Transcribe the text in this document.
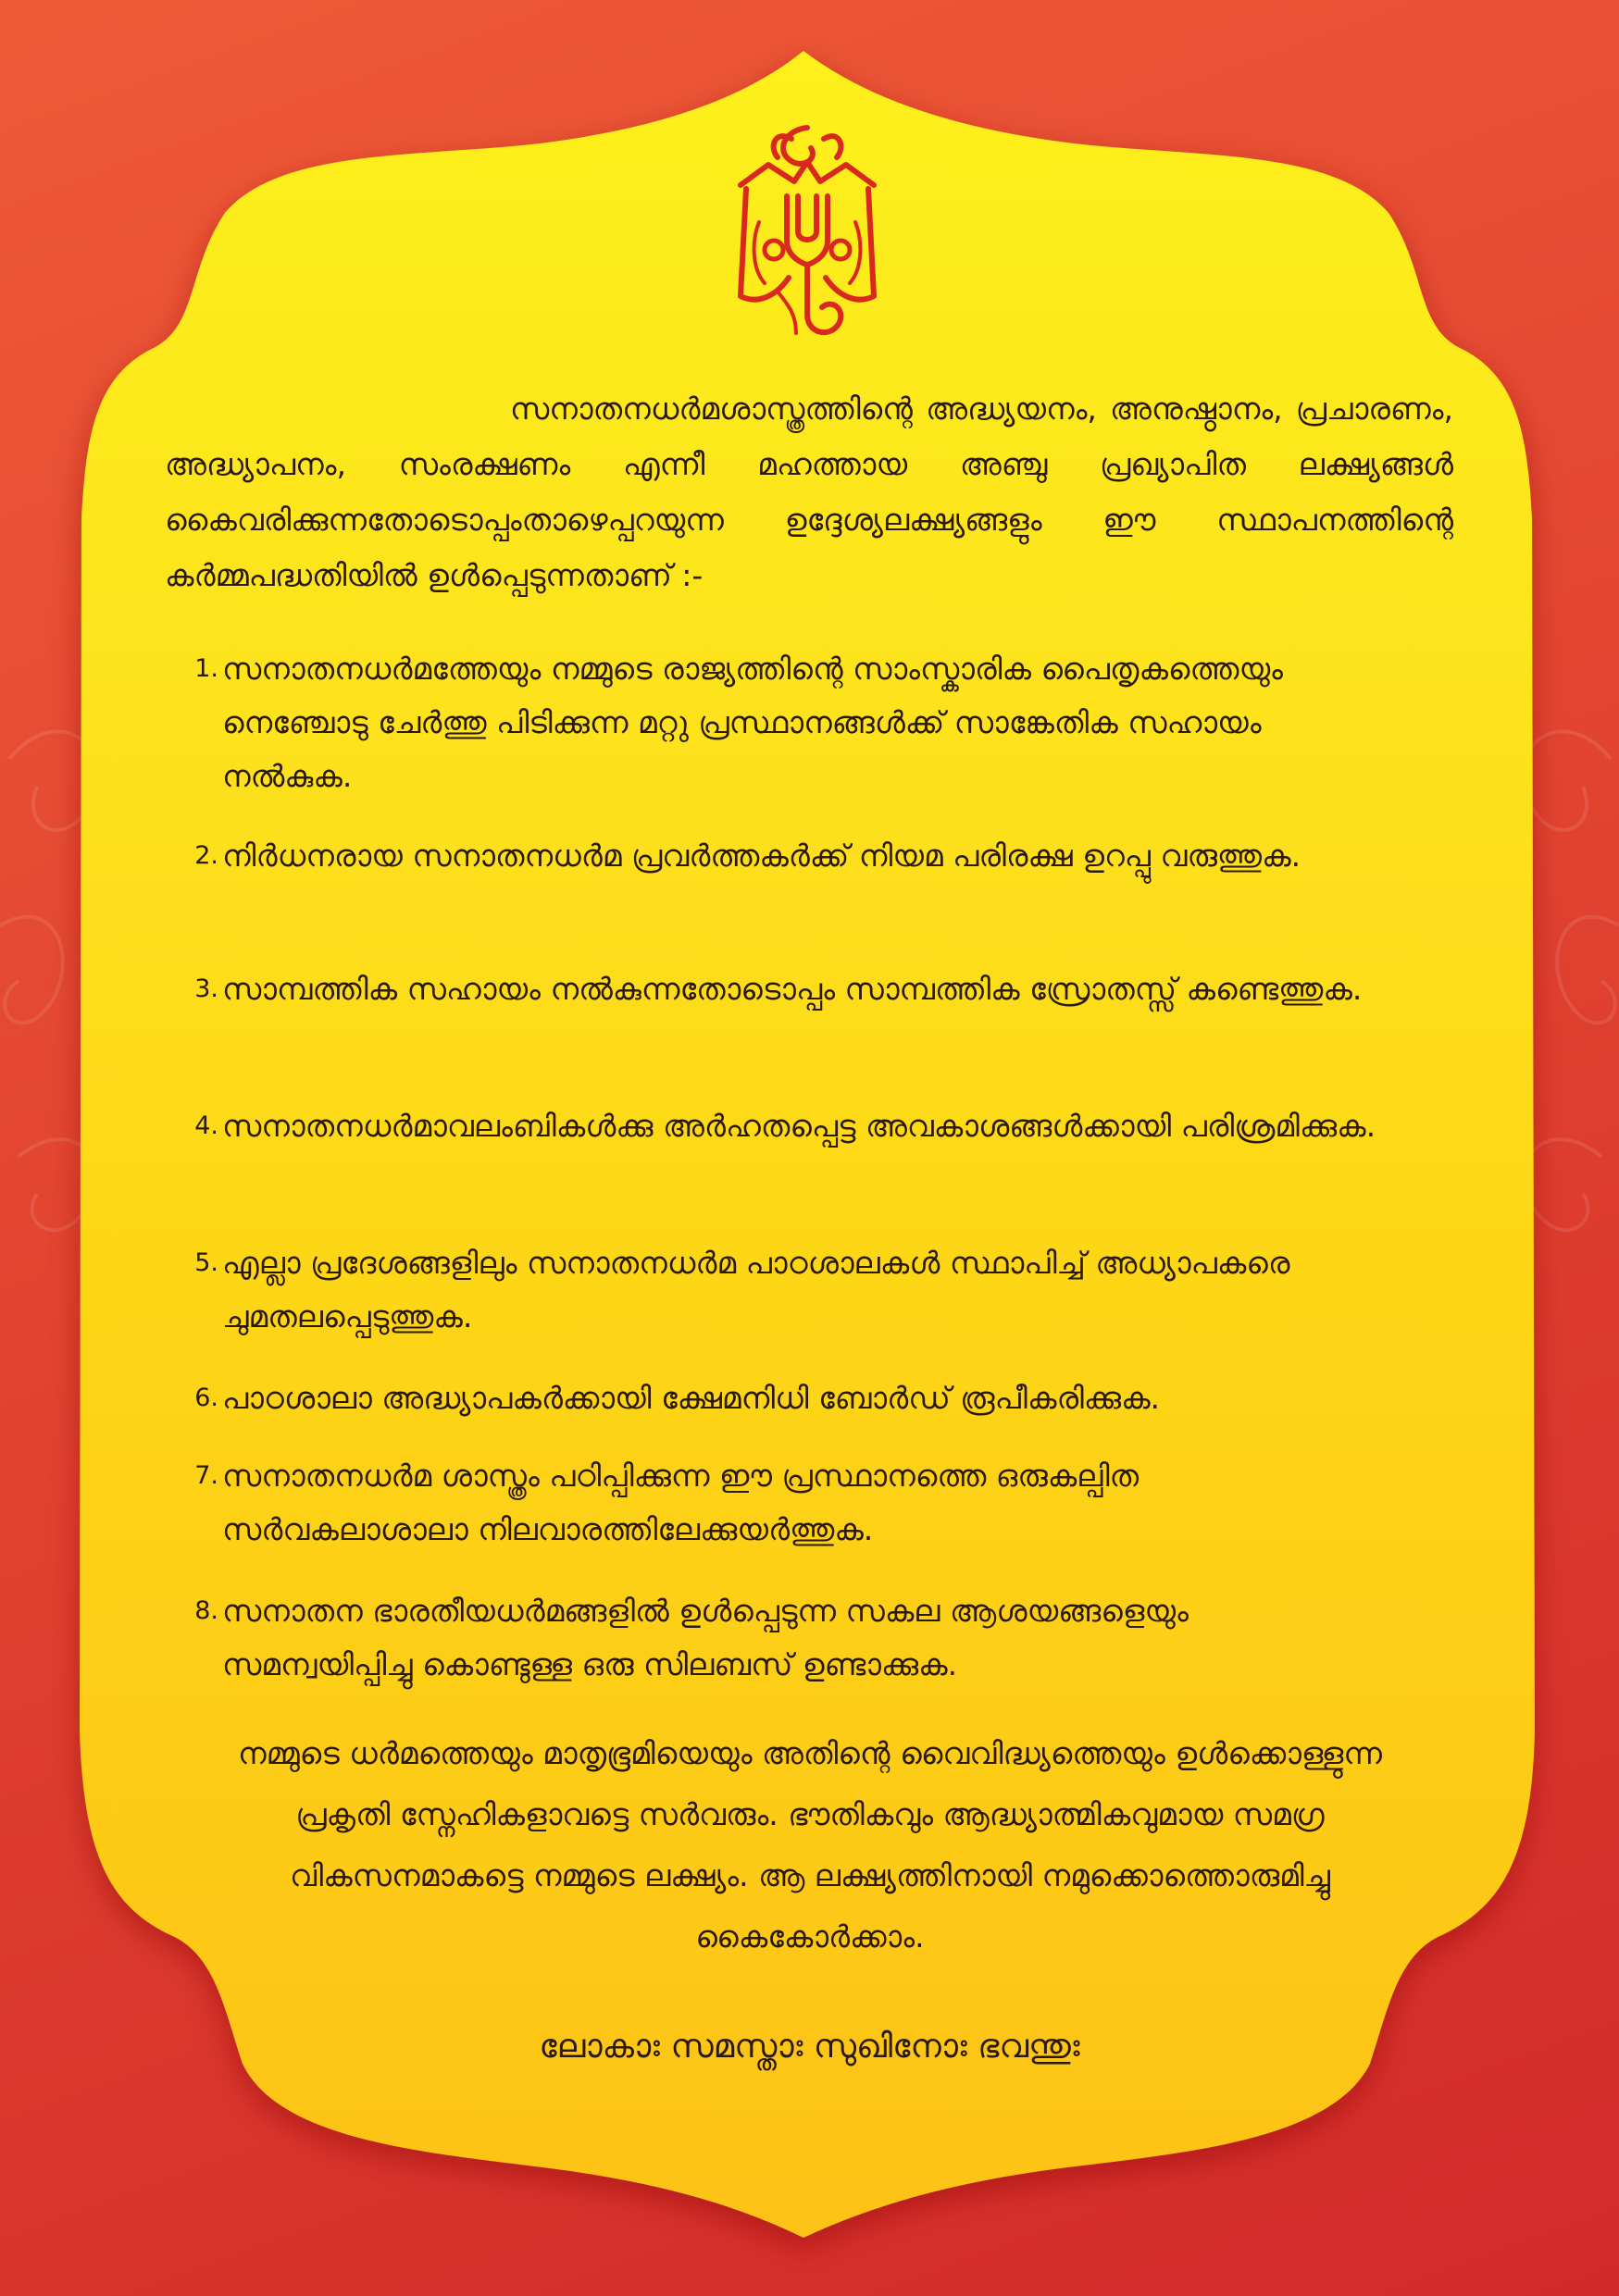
സനാതനധർമശാസ്ത്രത്തിന്റെ അദ്ധ്യയനം, അനുഷ്ഠാനം, പ്രചാരണം, അദ്ധ്യാപനം, സംരക്ഷണം എന്നീ മഹത്തായ അഞ്ചു പ്രഖ്യാപിത ലക്ഷ്യങ്ങൾ കൈവരിക്കുന്നതോടൊപ്പംതാഴെപ്പറയുന്ന ഉദ്ദേശ്യലക്ഷ്യങ്ങളും ഈ സ്ഥാപനത്തിന്റെ കർമ്മപദ്ധതിയിൽ ഉൾപ്പെടുന്നതാണ് :-

1. സനാതനധർമത്തേയും നമ്മുടെ രാജ്യത്തിന്റെ സാംസ്കാരിക പൈതൃകത്തെയും നെഞ്ചോടു ചേർത്തു പിടിക്കുന്ന മറ്റു പ്രസ്ഥാനങ്ങൾക്ക് സാങ്കേതിക സഹായം നൽകുക.
2. നിർധനരായ സനാതനധർമ പ്രവർത്തകർക്ക് നിയമ പരിരക്ഷ ഉറപ്പു വരുത്തുക.
3. സാമ്പത്തിക സഹായം നൽകുന്നതോടൊപ്പം സാമ്പത്തിക സ്രോതസ്സ് കണ്ടെത്തുക.
4. സനാതനധർമാവലംബികൾക്കു അർഹതപ്പെട്ട അവകാശങ്ങൾക്കായി പരിശ്രമിക്കുക.
5. എല്ലാ പ്രദേശങ്ങളിലും സനാതനധർമ പാഠശാലകൾ സ്ഥാപിച്ച് അധ്യാപകരെ ചുമതലപ്പെടുത്തുക.
6. പാഠശാലാ അദ്ധ്യാപകർക്കായി ക്ഷേമനിധി ബോർഡ് രൂപീകരിക്കുക.
7. സനാതനധർമ ശാസ്ത്രം പഠിപ്പിക്കുന്ന ഈ പ്രസ്ഥാനത്തെ ഒരുകല്പിത സർവകലാശാലാ നിലവാരത്തിലേക്കുയർത്തുക.
8. സനാതന ഭാരതീയധർമങ്ങളിൽ ഉൾപ്പെടുന്ന സകല ആശയങ്ങളെയും സമന്വയിപ്പിച്ചു കൊണ്ടുള്ള ഒരു സിലബസ് ഉണ്ടാക്കുക.

നമ്മുടെ ധർമത്തെയും മാതൃഭൂമിയെയും അതിന്റെ വൈവിദ്ധ്യത്തെയും ഉൾക്കൊള്ളുന്ന പ്രകൃതി സ്നേഹികളാവട്ടെ സർവരും. ഭൗതികവും ആദ്ധ്യാത്മികവുമായ സമഗ്ര വികസനമാകട്ടെ നമ്മുടെ ലക്ഷ്യം. ആ ലക്ഷ്യത്തിനായി നമുക്കൊത്തൊരുമിച്ചു കൈകോർക്കാം.

ലോകാഃ സമസ്താഃ സുഖിനോഃ ഭവന്തുഃ
